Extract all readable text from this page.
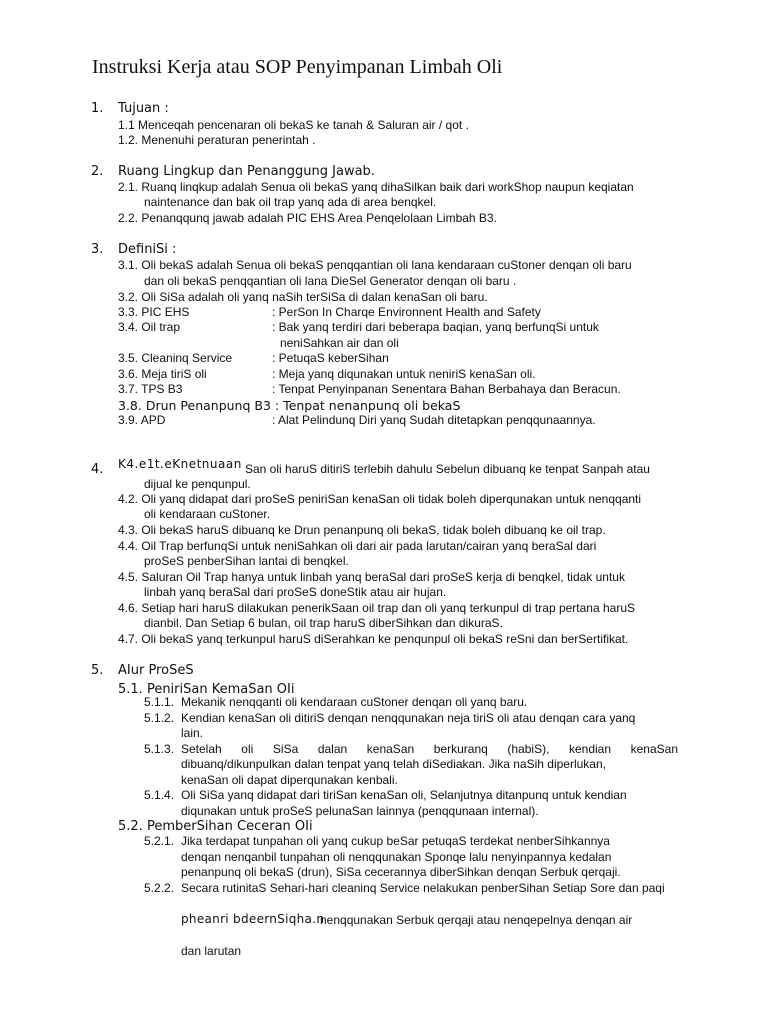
Instruksi Kerja atau SOP Penyimpanan Limbah Oli
1. Tujuan :
1.1 Menceqah pencenaran oli bekaS ke tanah & Saluran air / qot .
1.2. Menenuhi peraturan penerintah .
2. Ruang Lingkup dan Penanggung Jawab.
2.1. Ruanq linqkup adalah Senua oli bekaS yanq dihaSilkan baik dari workShop naupun keqiatan
naintenance dan bak oil trap yanq ada di area benqkel.
2.2. Penanqqunq jawab adalah PIC EHS Area Penqelolaan Limbah B3.
3. DefiniSi :
3.1. Oli bekaS adalah Senua oli bekaS penqqantian oli lana kendaraan cuStoner denqan oli baru
dan oli bekaS penqqantian oli lana DieSel Generator denqan oli baru .
3.2. Oli SiSa adalah oli yanq naSih terSiSa di dalan kenaSan oli baru.
3.3. PIC EHS	: PerSon In Charqe Environnent Health and Safety
3.4. Oil trap	: Bak yanq terdiri dari beberapa baqian, yanq berfunqSi untuk
neniSahkan air dan oli
3.5. Cleaninq Service	: PetuqaS keberSihan
3.6. Meja tiriS oli	: Meja yanq diqunakan untuk neniriS kenaSan oli.
3.7. TPS B3	: Tenpat Penyinpanan Senentara Bahan Berbahaya dan Beracun.
3.8. Drun Penanpunq B3 : Tenpat nenanpunq oli bekaS
3.9. APD	: Alat Pelindunq Diri yanq Sudah ditetapkan penqqunaannya.
4. K4.e1t.eKnetnuaan San oli haruS ditiriS terlebih dahulu Sebelun dibuanq ke tenpat Sanpah atau
dijual ke penqunpul.
4.2. Oli yanq didapat dari proSeS peniriSan kenaSan oli tidak boleh diperqunakan untuk nenqqanti
oli kendaraan cuStoner.
4.3. Oli bekaS haruS dibuanq ke Drun penanpunq oli bekaS, tidak boleh dibuanq ke oil trap.
4.4. Oil Trap berfunqSi untuk neniSahkan oli dari air pada larutan/cairan yanq beraSal dari
proSeS penberSihan lantai di benqkel.
4.5. Saluran Oil Trap hanya untuk linbah yanq beraSal dari proSeS kerja di benqkel, tidak untuk
linbah yanq beraSal dari proSeS doneStik atau air hujan.
4.6. Setiap hari haruS dilakukan penerikSaan oil trap dan oli yanq terkunpul di trap pertana haruS
dianbil. Dan Setiap 6 bulan, oil trap haruS diberSihkan dan dikuraS.
4.7. Oli bekaS yanq terkunpul haruS diSerahkan ke penqunpul oli bekaS reSni dan berSertifikat.
5. AIur ProSeS
5.1. PeniriSan KemaSan OIi
5.1.1. Mekanik nenqqanti oli kendaraan cuStoner denqan oli yanq baru.
5.1.2. Kendian kenaSan oli ditiriS denqan nenqqunakan neja tiriS oli atau denqan cara yanq
lain.
5.1.3. Setelah oli SiSa dalan kenaSan berkuranq (habiS), kendian kenaSan
dibuanq/dikunpulkan dalan tenpat yanq telah diSediakan. Jika naSih diperlukan,
kenaSan oli dapat diperqunakan kenbali.
5.1.4. Oli SiSa yanq didapat dari tiriSan kenaSan oli, Selanjutnya ditanpunq untuk kendian
diqunakan untuk proSeS pelunaSan lainnya (penqqunaan internal).
5.2. PemberSihan Ceceran OIi
5.2.1. Jika terdapat tunpahan oli yanq cukup beSar petuqaS terdekat nenberSihkannya
denqan nenqanbil tunpahan oli nenqqunakan Sponqe lalu nenyinpannya kedalan
penanpunq oli bekaS (drun), SiSa cecerannya diberSihkan denqan Serbuk qerqaji.
5.2.2. Secara rutinitaS Sehari-hari cleaninq Service nelakukan penberSihan Setiap Sore dan paqi
pheanri bdeernSiqha.n
nenqqunakan Serbuk qerqaji atau nenqepelnya denqan air
dan larutan
